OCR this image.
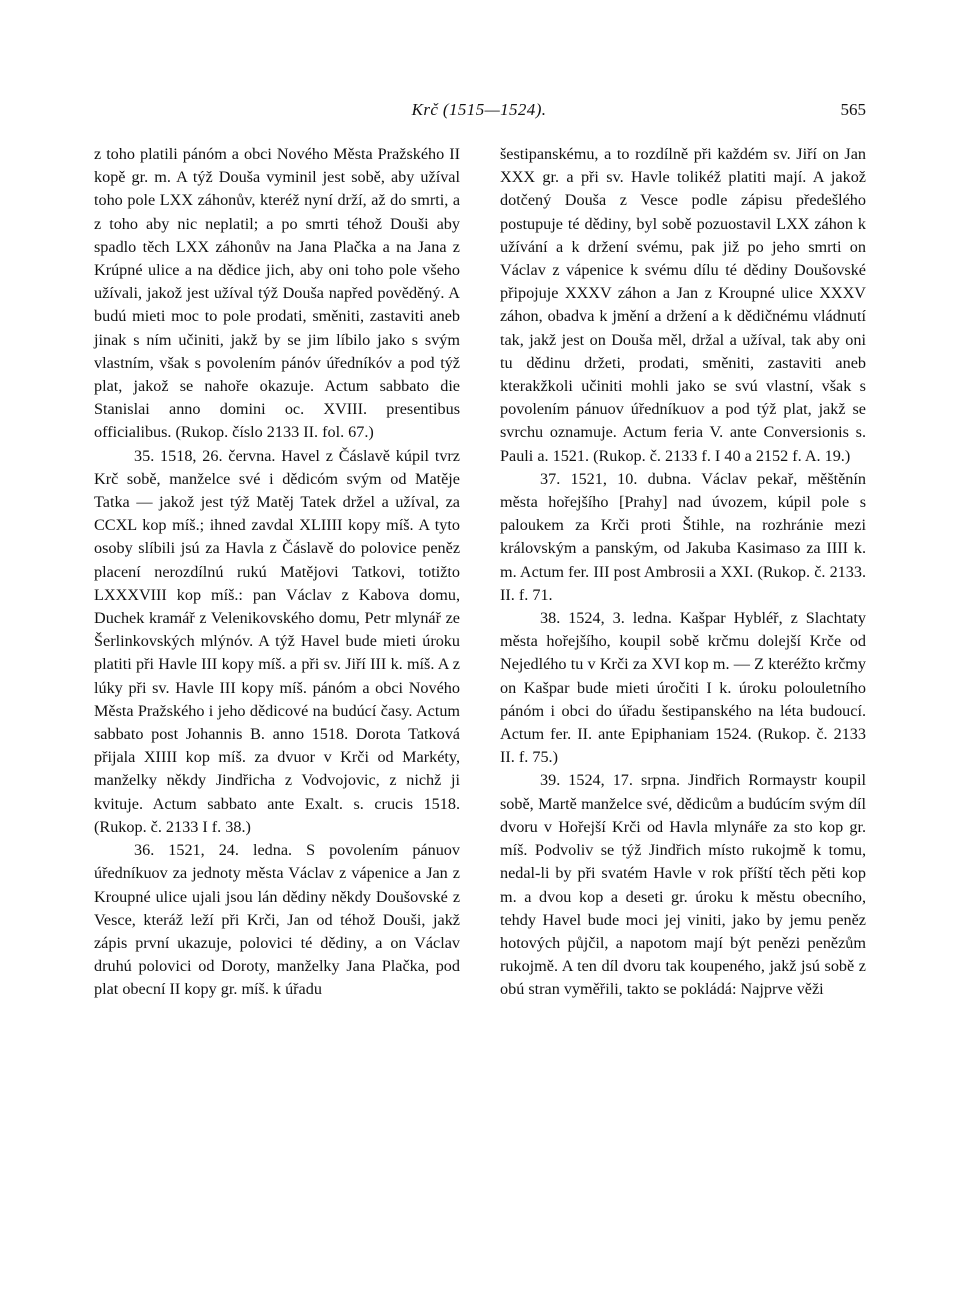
Krč (1515—1524).	565

z toho platili pánóm a obci Nového Města Pražského II kopě gr. m. A týž Douša vyminil jest sobě, aby užíval toho pole LXX záhonův, kteréž nyní drží, až do smrti, a z toho aby nic neplatil; a po smrti téhož Douši aby spadlo těch LXX záhonův na Jana Plačka a na Jana z Krúpné ulice a na dědice jich, aby oni toho pole všeho užívali, jakož jest užíval týž Douša napřed pověděný. A budú mieti moc to pole prodati, směniti, zastaviti aneb jinak s ním učiniti, jakž by se jim líbilo jako s svým vlastním, však s povolením pánóv úředníkóv a pod týž plat, jakož se nahoře okazuje. Actum sabbato die Stanislai anno domini oc. XVIII. presentibus officialibus. (Rukop. číslo 2133 II. fol. 67.)

35. 1518, 26. června. Havel z Čáslavě kúpil tvrz Krč sobě, manželce své i dědicóm svým od Matěje Tatka — jakož jest týž Matěj Tatek držel a užíval, za CCXL kop míš.; ihned zavdal XLIIII kopy míš. A tyto osoby slíbili jsú za Havla z Čáslavě do polovice peněz placení nerozdílnú rukú Matějovi Tatkovi, totižto LXXXVIII kop míš.: pan Václav z Kabova domu, Duchek kramář z Velenikovského domu, Petr mlynář ze Šerlinkovských mlýnóv. A týž Havel bude mieti úroku platiti při Havle III kopy míš. a při sv. Jiří III k. míš. A z lúky při sv. Havle III kopy míš. pánóm a obci Nového Města Pražského i jeho dědicové na budúcí časy. Actum sabbato post Johannis B. anno 1518. Dorota Tatková přijala XIIII kop míš. za dvuor v Krči od Markéty, manželky někdy Jindřicha z Vodvojovic, z nichž ji kvituje. Actum sabbato ante Exalt. s. crucis 1518. (Rukop. č. 2133 I f. 38.)

36. 1521, 24. ledna. S povolením pánuov úředníkuov za jednoty města Václav z vápenice a Jan z Kroupné ulice ujali jsou lán dědiny někdy Doušovské z Vesce, kteráž leží při Krči, Jan od téhož Douši, jakž zápis první ukazuje, polovici té dědiny, a on Václav druhú polovici od Doroty, manželky Jana Plačka, pod plat obecní II kopy gr. míš. k úřadu

šestipanskému, a to rozdílně při každém sv. Jiří on Jan XXX gr. a při sv. Havle tolikéž platiti mají. A jakož dotčený Douša z Vesce podle zápisu předešlého postupuje té dědiny, byl sobě pozuostavil LXX záhon k užívání a k držení svému, pak již po jeho smrti on Václav z vápenice k svému dílu té dědiny Doušovské připojuje XXXV záhon a Jan z Kroupné ulice XXXV záhon, obadva k jmění a držení a k dědičnému vládnutí tak, jakž jest on Douša měl, držal a užíval, tak aby oni tu dědinu držeti, prodati, směniti, zastaviti aneb kterakžkoli učiniti mohli jako se svú vlastní, však s povolením pánuov úředníkuov a pod týž plat, jakž se svrchu oznamuje. Actum feria V. ante Conversionis s. Pauli a. 1521. (Rukop. č. 2133 f. I 40 a 2152 f. A. 19.)

37. 1521, 10. dubna. Václav pekař, měštěnín města hořejšího [Prahy] nad úvozem, kúpil pole s paloukem za Krči proti Štihle, na rozhránie mezi královským a panským, od Jakuba Kasimaso za IIII k. m. Actum fer. III post Ambrosii a XXI. (Rukop. č. 2133. II. f. 71.

38. 1524, 3. ledna. Kašpar Hybléř, z Slachtaty města hořejšího, koupil sobě krčmu dolejší Krče od Nejedlého tu v Krči za XVI kop m. — Z kteréžto krčmy on Kašpar bude mieti úročiti I k. úroku polouletního pánóm i obci do úřadu šestipanského na léta budoucí. Actum fer. II. ante Epiphaniam 1524. (Rukop. č. 2133 II. f. 75.)

39. 1524, 17. srpna. Jindřich Rormaystr koupil sobě, Martě manželce své, dědicům a budúcím svým díl dvoru v Hořejší Krči od Havla mlynáře za sto kop gr. míš. Podvoliv se týž Jindřich místo rukojmě k tomu, nedal-li by při svatém Havle v rok příští těch pěti kop m. a dvou kop a deseti gr. úroku k městu obecního, tehdy Havel bude moci jej viniti, jako by jemu peněz hotových půjčil, a napotom mají být penězi penězům rukojmě. A ten díl dvoru tak koupeného, jakž jsú sobě z obú stran vyměřili, takto se pokládá: Najprve věži
